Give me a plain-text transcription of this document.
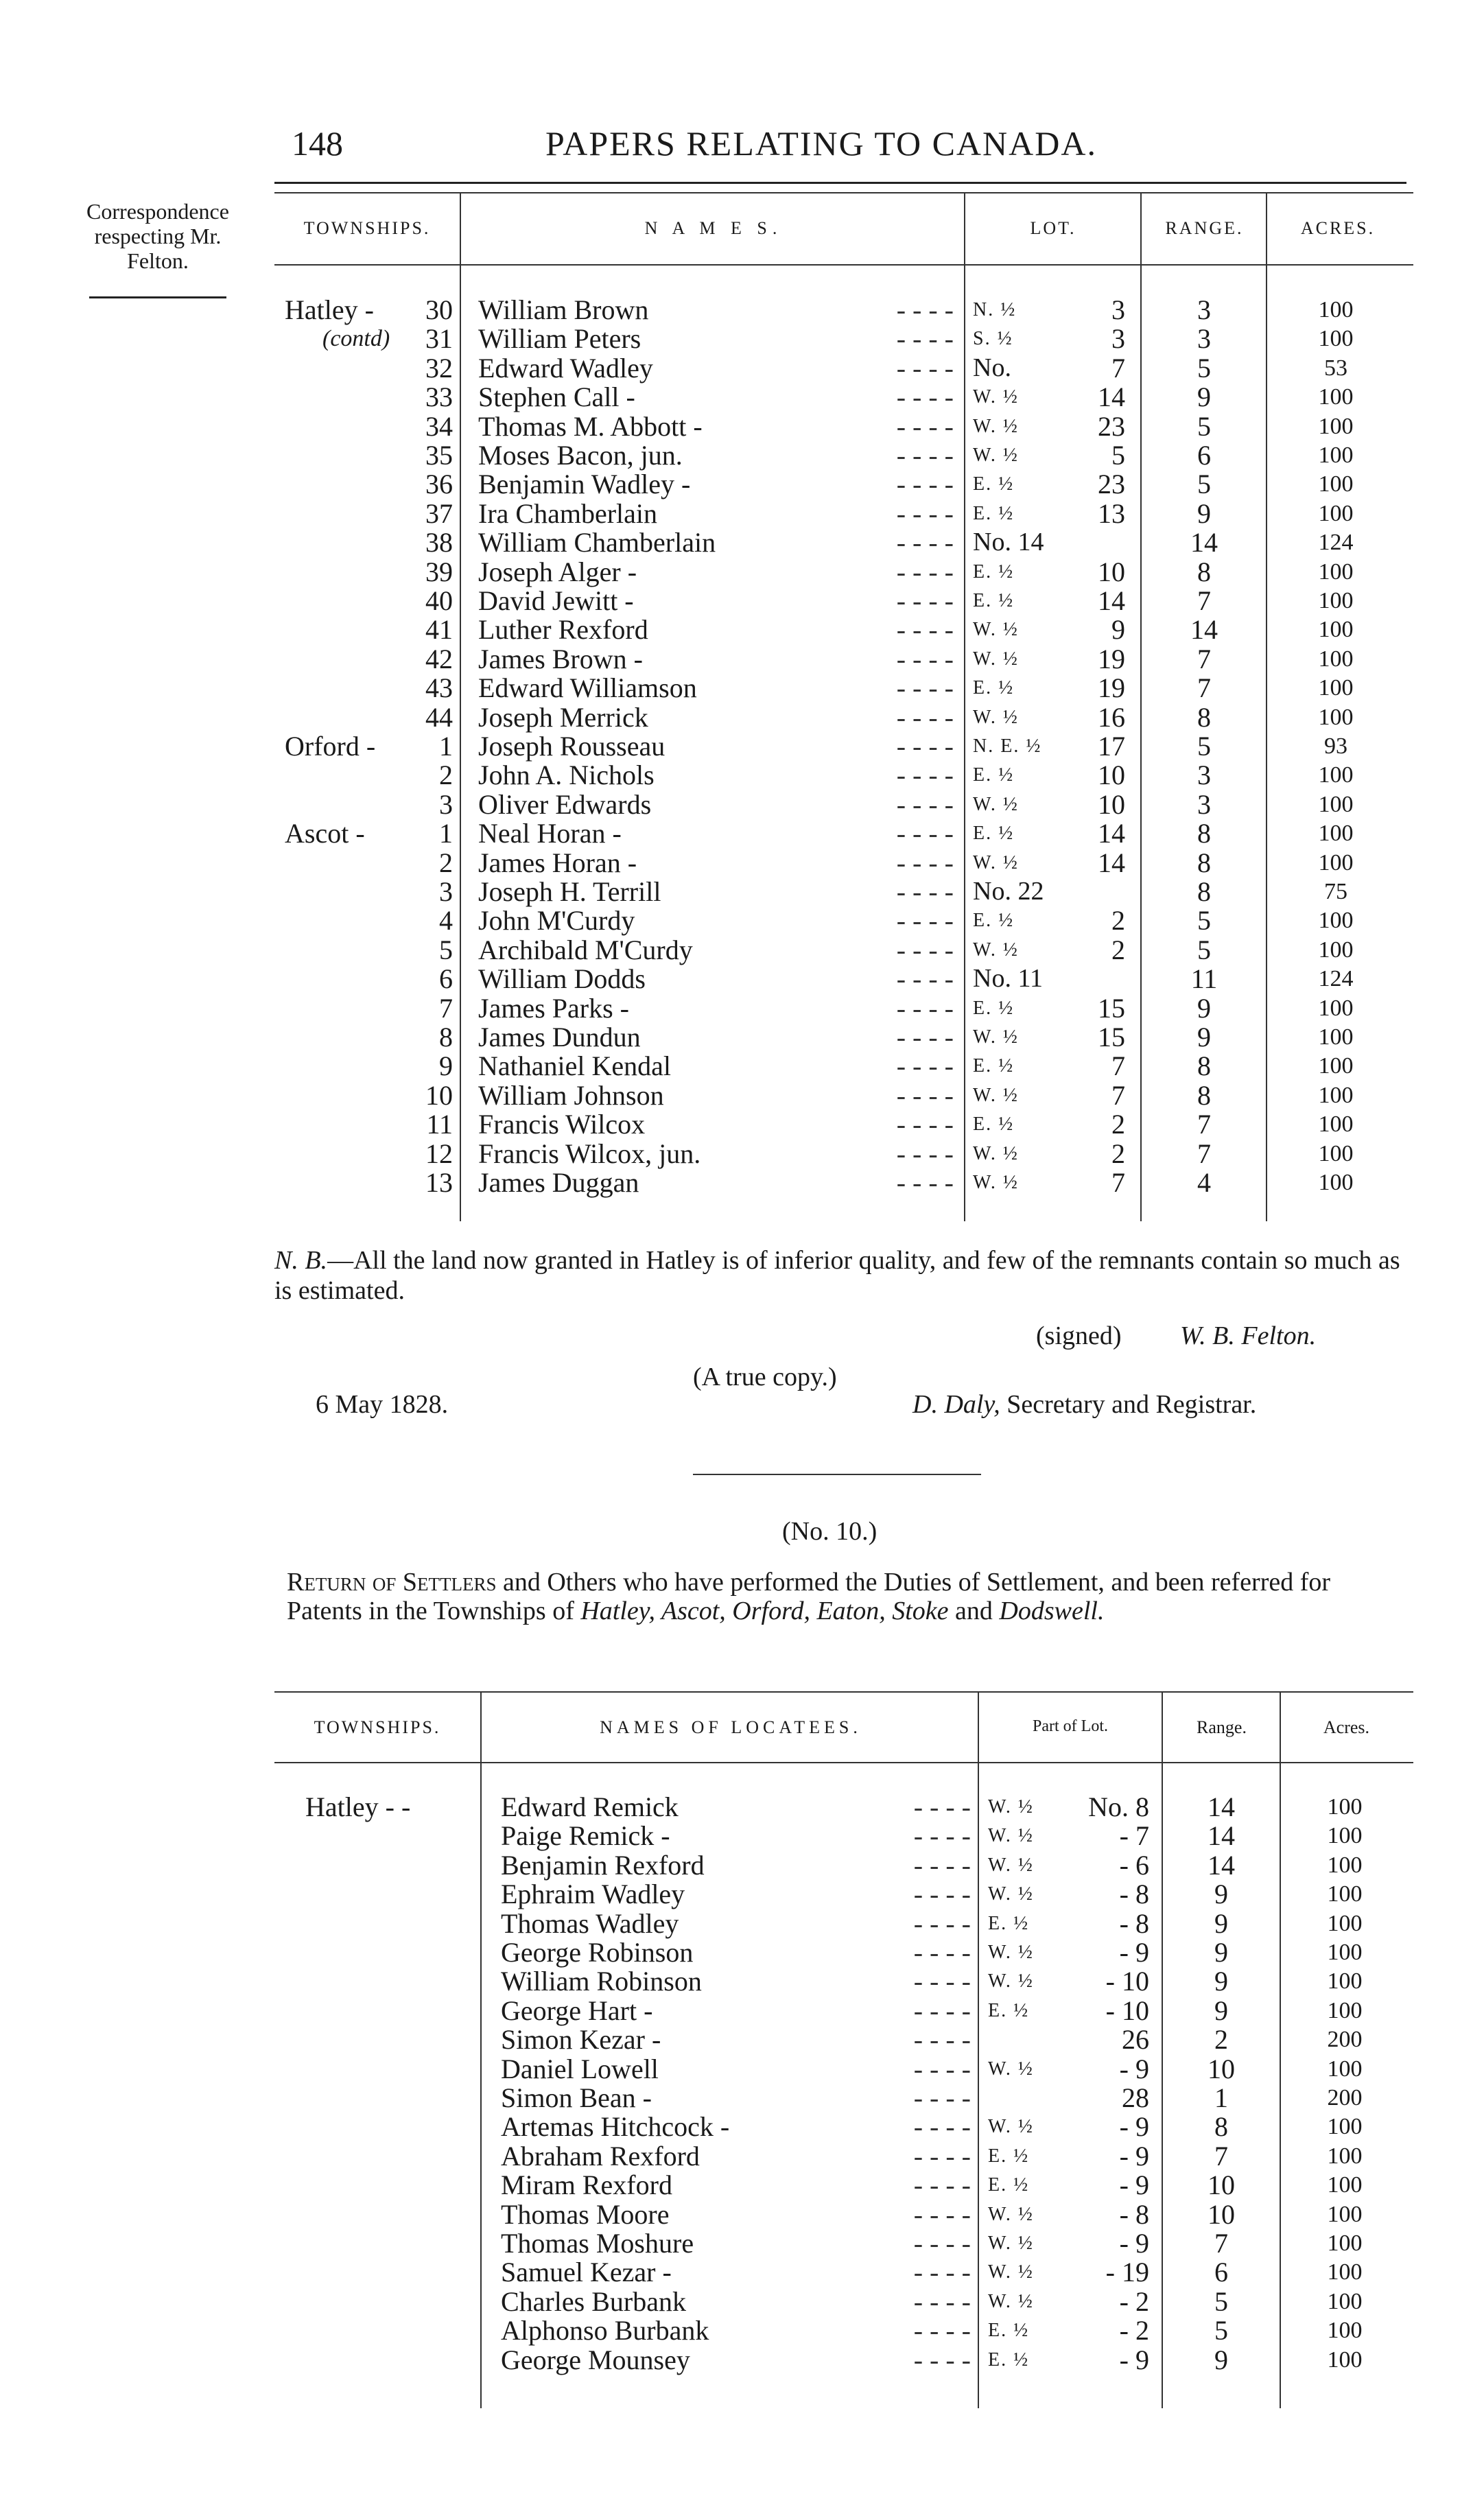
148	PAPERS RELATING TO CANADA.
Correspondence respecting Mr. Felton.
TOWNSHIPS.	N A M E S.	LOT.	RANGE.	ACRES.
Hatley -	30 William Brown	- - - - N. ½	3	3	100
(contd)	31 William Peters	- - - - S. ½	3	3	100
32 Edward Wadley	- - - - No.	7	5	53
33 Stephen Call -	- - - - W. ½	14	9	100
34 Thomas M. Abbott -	- - - - W. ½	23	5	100
35 Moses Bacon, jun.	- - - - W. ½	5	6	100
36 Benjamin Wadley -	- - - - E. ½	23	5	100
37 Ira Chamberlain	- - - - E. ½	13	9	100
38 William Chamberlain	- - - - No. 14	14	124
39 Joseph Alger -	- - - - E. ½	10	8	100
40 David Jewitt -	- - - - E. ½	14	7	100
41 Luther Rexford	- - - - W. ½	9	14	100
42 James Brown -	- - - - W. ½	19	7	100
43 Edward Williamson	- - - - E. ½	19	7	100
44 Joseph Merrick	- - - - W. ½	16	8	100
Orford -	1 Joseph Rousseau	- - - - N. E. ½	17	5	93
2 John A. Nichols	- - - - E. ½	10	3	100
3 Oliver Edwards	- - - - W. ½	10	3	100
Ascot -	1 Neal Horan -	- - - - E. ½	14	8	100
2 James Horan -	- - - - W. ½	14	8	100
3 Joseph H. Terrill	- - - - No. 22	8	75
4 John M'Curdy	- - - - E. ½	2	5	100
5 Archibald M'Curdy	- - - - W. ½	2	5	100
6 William Dodds	- - - - No. 11	11	124
7 James Parks -	- - - - E. ½	15	9	100
8 James Dundun	- - - - W. ½	15	9	100
9 Nathaniel Kendal	- - - - E. ½	7	8	100
10 William Johnson	- - - - W. ½	7	8	100
11 Francis Wilcox	- - - - E. ½	2	7	100
12 Francis Wilcox, jun.	- - - - W. ½	2	7	100
13 James Duggan	- - - - W. ½	7	4	100
N. B.—All the land now granted in Hatley is of inferior quality, and few of the remnants contain so much as is estimated.
(signed) W. B. Felton.
(A true copy.)
6 May 1828.	D. Daly, Secretary and Registrar.
(No. 10.)
Return of Settlers and Others who have performed the Duties of Settlement, and been referred for Patents in the Townships of Hatley, Ascot, Orford, Eaton, Stoke and Dodswell.
TOWNSHIPS.	NAMES OF LOCATEES.	Part of Lot.	Range.	Acres.
Hatley - -	Edward Remick	- - - - W. ½	No. 8	14	100
Paige Remick -	- - - - W. ½	- 7	14	100
Benjamin Rexford	- - - - W. ½	- 6	14	100
Ephraim Wadley	- - - - W. ½	- 8	9	100
Thomas Wadley	- - - - E. ½	- 8	9	100
George Robinson	- - - - W. ½	- 9	9	100
William Robinson	- - - - W. ½	- 10	9	100
George Hart -	- - - - E. ½	- 10	9	100
Simon Kezar -	- - - -	26	2	200
Daniel Lowell	- - - - W. ½	- 9	10	100
Simon Bean -	- - - -	28	1	200
Artemas Hitchcock -	- - - - W. ½	- 9	8	100
Abraham Rexford	- - - - E. ½	- 9	7	100
Miram Rexford	- - - - E. ½	- 9	10	100
Thomas Moore	- - - - W. ½	- 8	10	100
Thomas Moshure	- - - - W. ½	- 9	7	100
Samuel Kezar -	- - - - W. ½	- 19	6	100
Charles Burbank	- - - - W. ½	- 2	5	100
Alphonso Burbank	- - - - E. ½	- 2	5	100
George Mounsey	- - - - E. ½	- 9	9	100
